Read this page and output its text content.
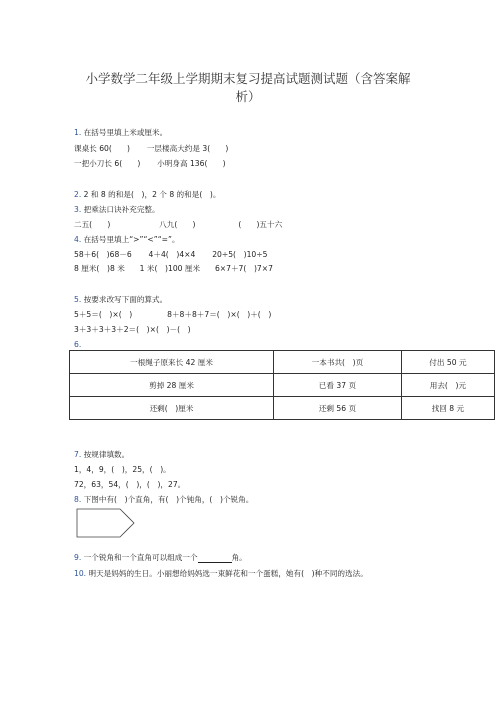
小学数学二年级上学期期末复习提高试题测试题（含答案解
析）
1. 在括号里填上米或厘米。
课桌长 60(　　) 一层楼高大约是 3(　　)
一把小刀长 6(　　) 小明身高 136(　　)
2. 2 和 8 的和是(　)，2 个 8 的和是(　)。
3. 把乘法口诀补充完整。
二五(　　)	八九(　　)	(　　)五十六
4. 在括号里填上“>”“<”“=”。
58＋6(　)68－6 4＋4(　)4×4 20÷5(　)10÷5
8 厘米(　)8 米 1 米(　)100 厘米 6×7＋7(　)7×7
5. 按要求改写下面的算式。
5＋5＝(　)×(　)	8＋8＋8＋7＝(　)×(　)＋(　)
3＋3＋3＋3＋2＝(　)×(　)－(　)
6.
一根绳子原来长 42 厘米	一本书共(　)页	付出 50 元
剪掉 28 厘米	已看 37 页	用去(　)元
还剩(　)厘米	还剩 56 页	找回 8 元
7. 按规律填数。
1，4，9，(　)，25，(　)。
72，63，54，(　)，(　)，27。
8. 下图中有(　)个直角，有(　)个钝角，(　)个锐角。
9. 一个锐角和一个直角可以组成一个	角。
10. 明天是妈妈的生日。小丽想给妈妈选一束鲜花和一个蛋糕，她有(　)种不同的选法。
